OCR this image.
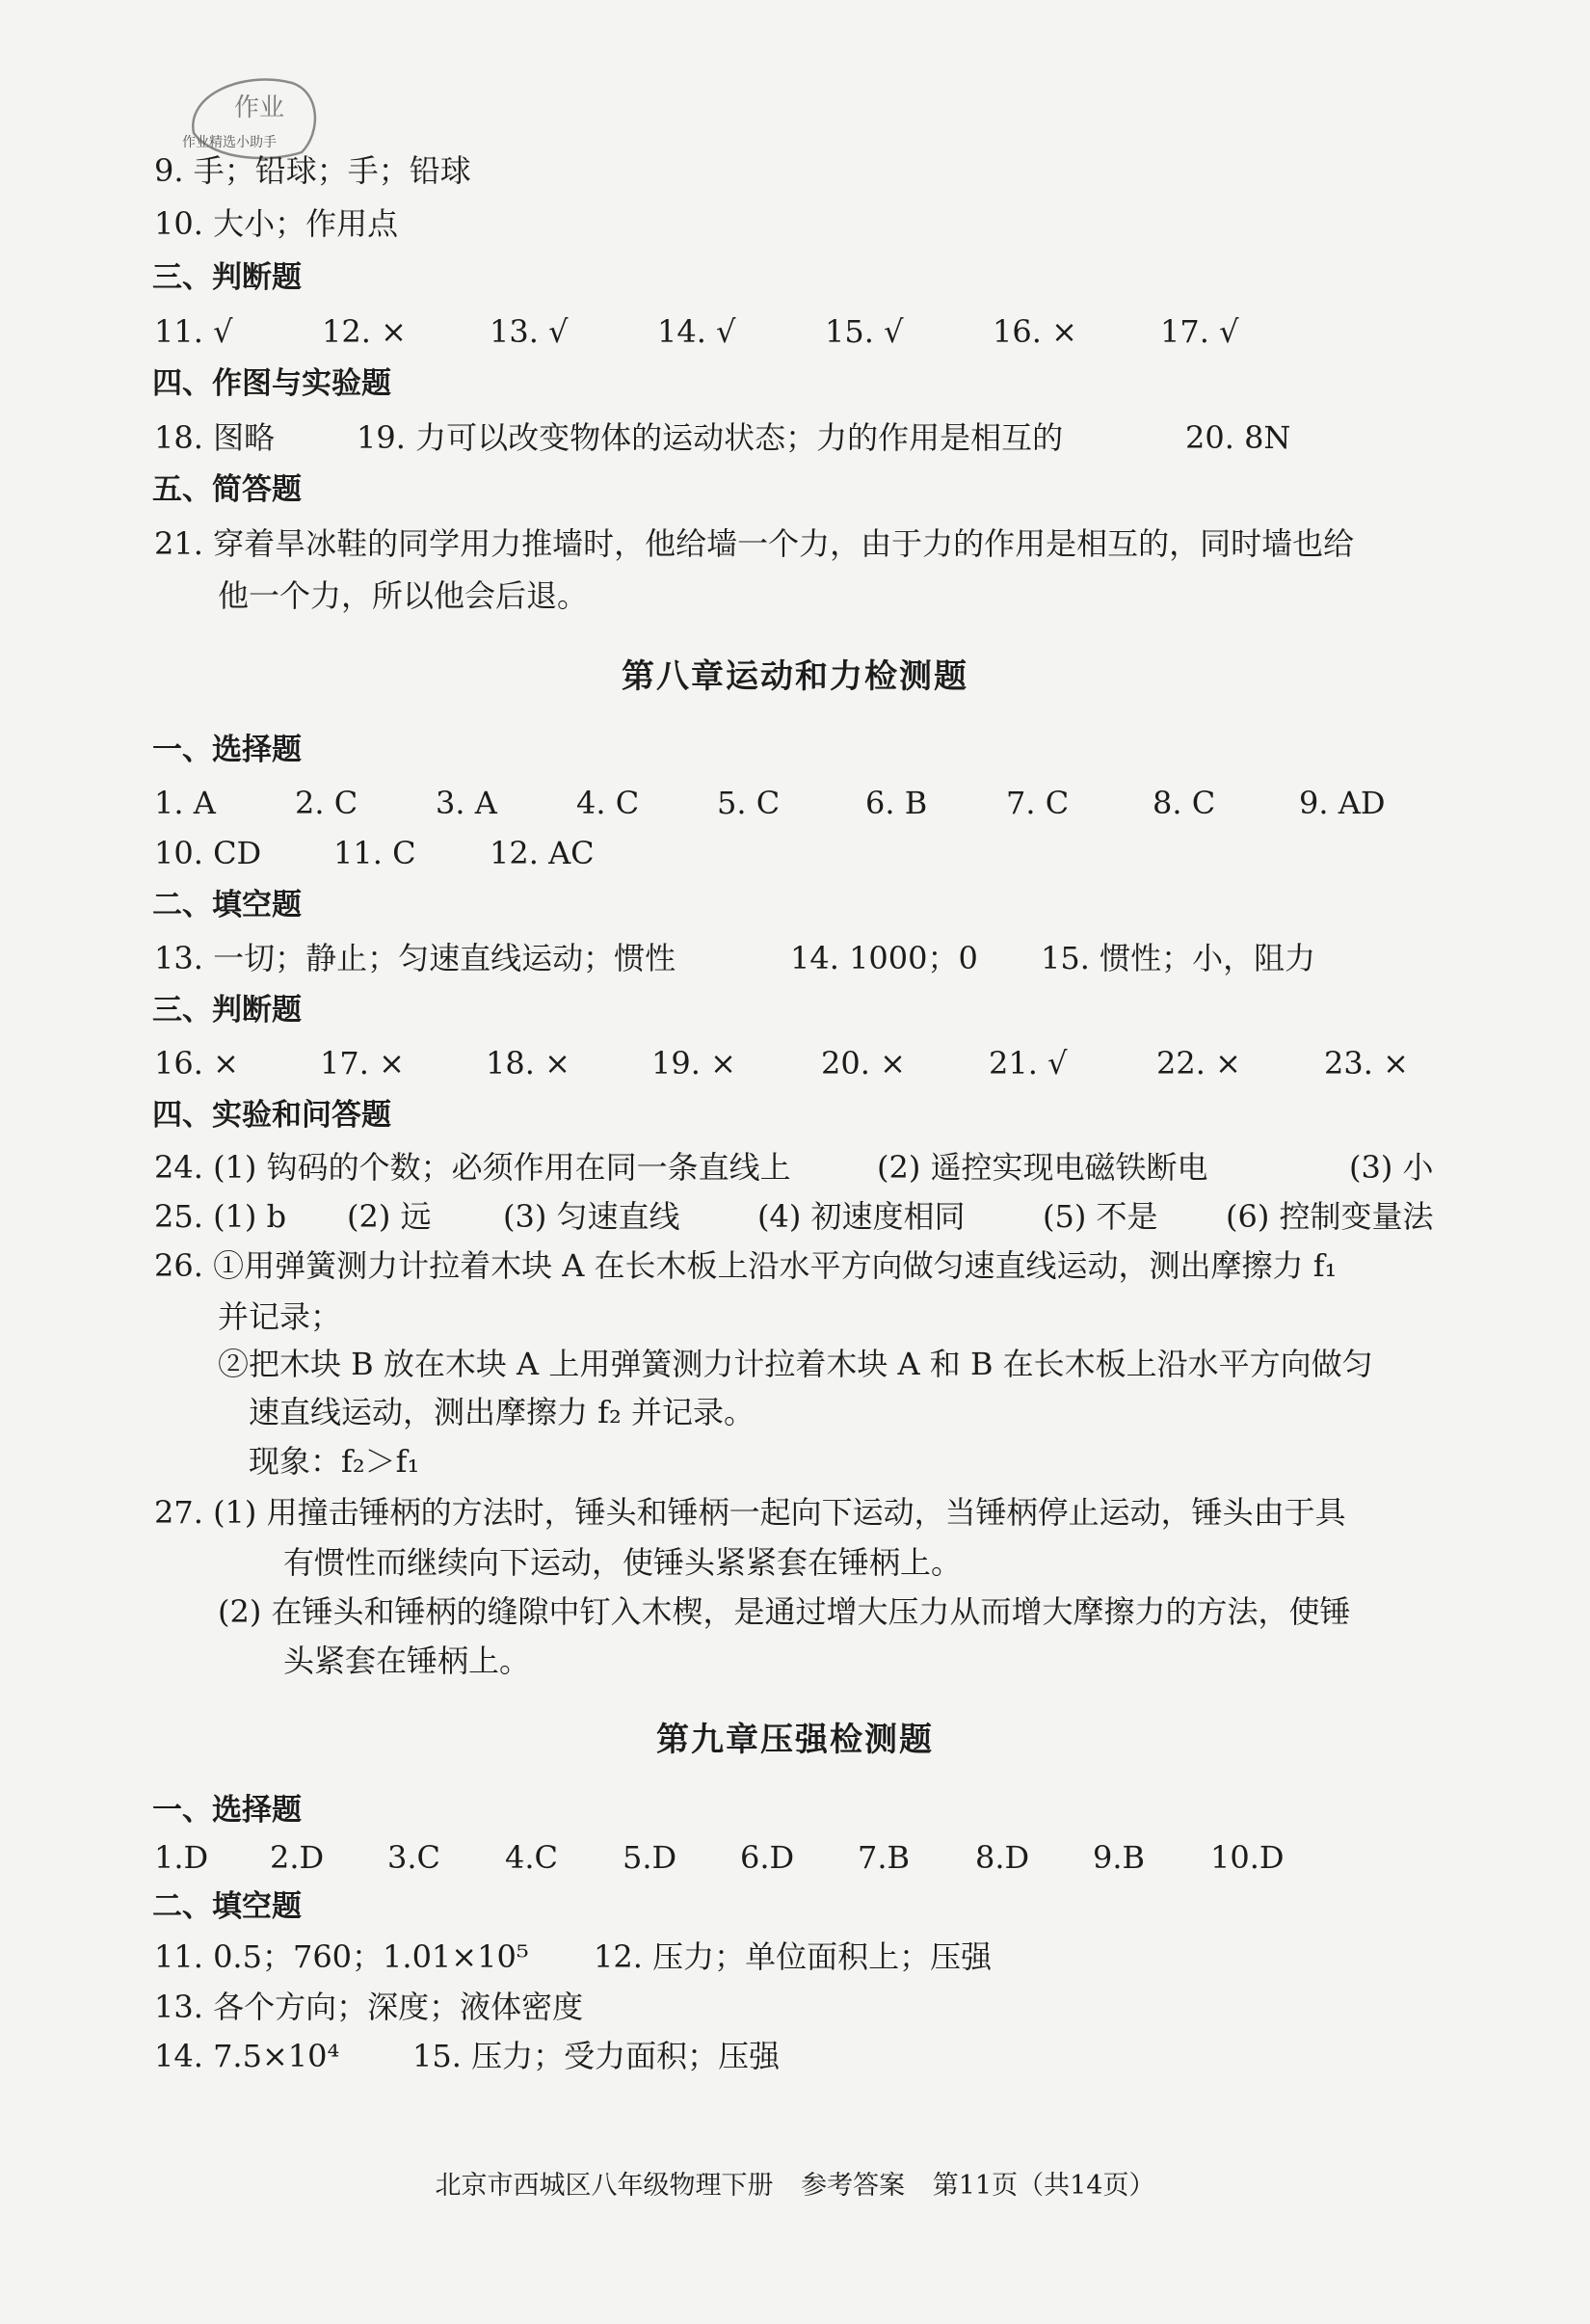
作业
作业精选小助手
9. 手；铅球；手；铅球
10. 大小；作用点
三、判断题
11. √	12. ×	13. √	14. √	15. √	16. ×	17. √
四、作图与实验题
18. 图略	19. 力可以改变物体的运动状态；力的作用是相互的	20. 8N
五、简答题
21. 穿着旱冰鞋的同学用力推墙时，他给墙一个力，由于力的作用是相互的，同时墙也给
他一个力，所以他会后退。
第八章运动和力检测题
一、选择题
1. A	2. C	3. A	4. C	5. C	6. B	7. C	8. C	9. AD
10. CD 11. C 12. AC
二、填空题
13. 一切；静止；匀速直线运动；惯性	14. 1000；0 15. 惯性；小，阻力
三、判断题
16. ×	17. ×	18. ×	19. ×	20. ×	21. √	22. ×	23. ×
四、实验和问答题
24. (1) 钩码的个数；必须作用在同一条直线上	(2) 遥控实现电磁铁断电	(3) 小
25. (1) b (2) 远 (3) 匀速直线	(4) 初速度相同	(5) 不是 (6) 控制变量法
26. ①用弹簧测力计拉着木块 A 在长木板上沿水平方向做匀速直线运动，测出摩擦力 f₁
并记录；
②把木块 B 放在木块 A 上用弹簧测力计拉着木块 A 和 B 在长木板上沿水平方向做匀
速直线运动，测出摩擦力 f₂ 并记录。
现象：f₂＞f₁
27. (1) 用撞击锤柄的方法时，锤头和锤柄一起向下运动，当锤柄停止运动，锤头由于具
有惯性而继续向下运动，使锤头紧紧套在锤柄上。
(2) 在锤头和锤柄的缝隙中钉入木楔，是通过增大压力从而增大摩擦力的方法，使锤
头紧套在锤柄上。
第九章压强检测题
一、选择题
1.D 2.D 3.C 4.C 5.D 6.D 7.B 8.D 9.B 10.D
二、填空题
11. 0.5；760；1.01×10⁵ 12. 压力；单位面积上；压强
13. 各个方向；深度；液体密度
14. 7.5×10⁴ 15. 压力；受力面积；压强
北京市西城区八年级物理下册 参考答案 第11页（共14页）
